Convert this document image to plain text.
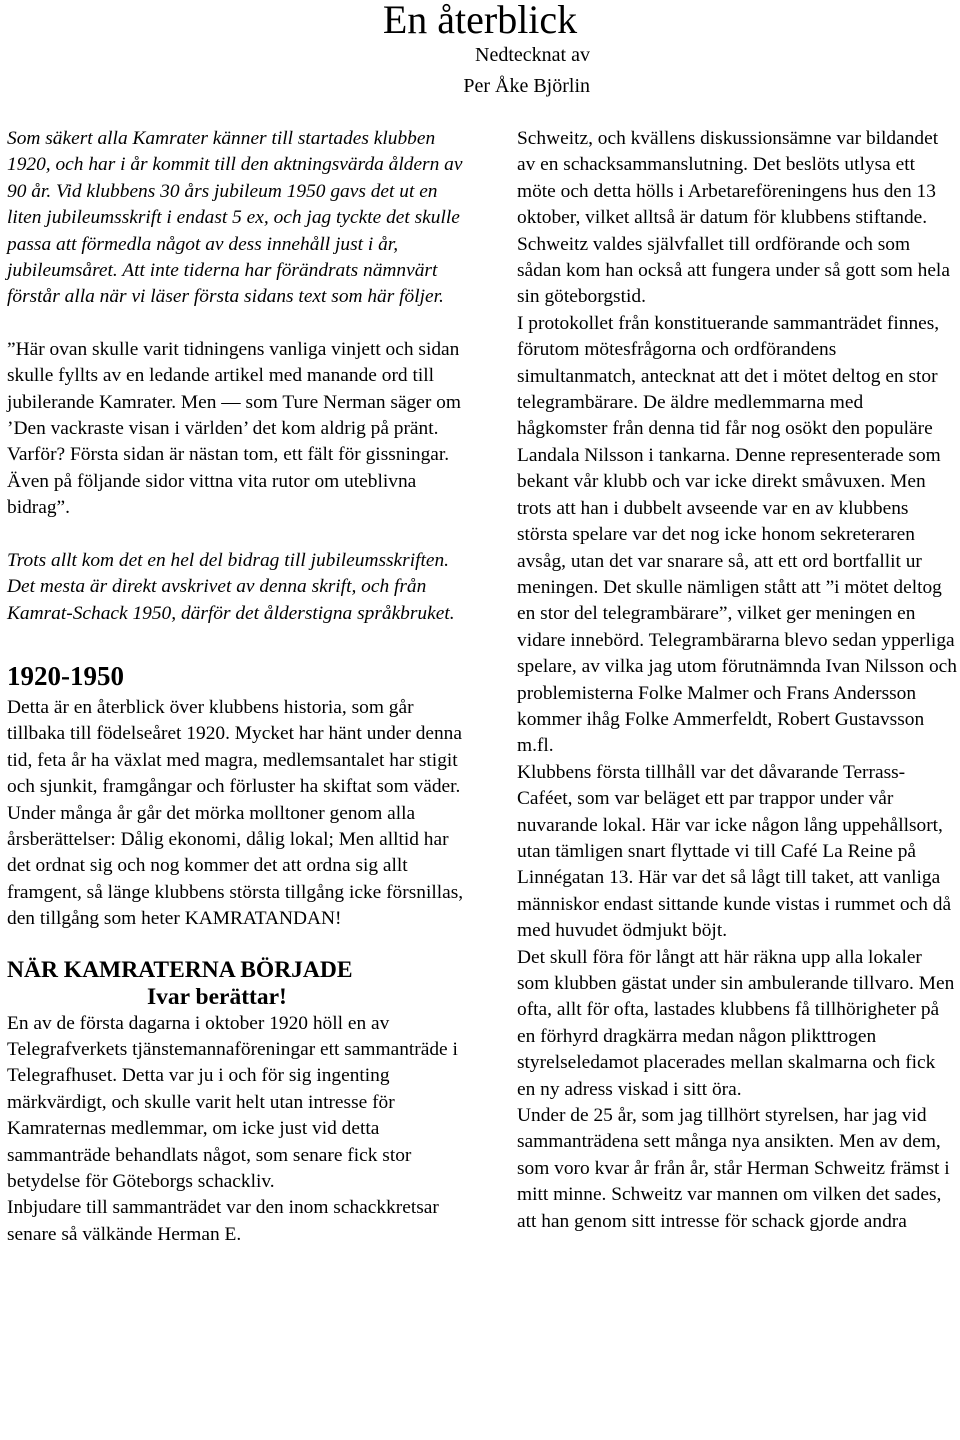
En återblick
Nedtecknat av
Per Åke Björlin

Som säkert alla Kamrater känner till startades klubben 1920, och har i år kommit till den aktningsvärda åldern av 90 år. Vid klubbens 30 års jubileum 1950 gavs det ut en liten jubileumsskrift i endast 5 ex, och jag tyckte det skulle passa att förmedla något av dess innehåll just i år, jubileumsåret. Att inte tiderna har förändrats nämnvärt förstår alla när vi läser första sidans text som här följer.

”Här ovan skulle varit tidningens vanliga vinjett och sidan skulle fyllts av en ledande artikel med manande ord till jubilerande Kamrater. Men — som Ture Nerman säger om ’Den vackraste visan i världen’ det kom aldrig på pränt. Varför? Första sidan är nästan tom, ett fält för gissningar. Även på följande sidor vittna vita rutor om uteblivna bidrag”.

Trots allt kom det en hel del bidrag till jubileumsskriften. Det mesta är direkt avskrivet av denna skrift, och från Kamrat-Schack 1950, därför det ålderstigna språkbruket.

1920-1950

Detta är en återblick över klubbens historia, som går tillbaka till födelseåret 1920. Mycket har hänt under denna tid, feta år ha växlat med magra, medlemsantalet har stigit och sjunkit, framgångar och förluster ha skiftat som väder.

Under många år går det mörka molltoner genom alla årsberättelser: Dålig ekonomi, dålig lokal; Men alltid har det ordnat sig och nog kommer det att ordna sig allt framgent, så länge klubbens största tillgång icke försnillas, den tillgång som heter KAMRATANDAN!

NÄR KAMRATERNA BÖRJADE
Ivar berättar!

En av de första dagarna i oktober 1920 höll en av Telegrafverkets tjänstemannaföreningar ett sammanträde i Telegrafhuset. Detta var ju i och för sig ingenting märkvärdigt, och skulle varit helt utan intresse för Kamraternas medlemmar, om icke just vid detta sammanträde behandlats något, som senare fick stor betydelse för Göteborgs schackliv.

Inbjudare till sammanträdet var den inom schackkretsar senare så välkände Herman E.

Schweitz, och kvällens diskussionsämne var bildandet av en schacksammanslutning. Det beslöts utlysa ett möte och detta hölls i Arbetareföreningens hus den 13 oktober, vilket alltså är datum för klubbens stiftande. Schweitz valdes självfallet till ordförande och som sådan kom han också att fungera under så gott som hela sin göteborgstid.

I protokollet från konstituerande sammanträdet finnes, förutom mötesfrågorna och ordförandens simultanmatch, antecknat att det i mötet deltog en stor telegrambärare. De äldre medlemmarna med hågkomster från denna tid får nog osökt den populäre Landala Nilsson i tankarna. Denne representerade som bekant vår klubb och var icke direkt småvuxen. Men trots att han i dubbelt avseende var en av klubbens största spelare var det nog icke honom sekreteraren avsåg, utan det var snarare så, att ett ord bortfallit ur meningen. Det skulle nämligen stått att ”i mötet deltog en stor del telegrambärare”, vilket ger meningen en vidare innebörd. Telegrambärarna blevo sedan ypperliga spelare, av vilka jag utom förutnämnda Ivan Nilsson och problemisterna Folke Malmer och Frans Andersson kommer ihåg Folke Ammerfeldt, Robert Gustavsson m.fl.

Klubbens första tillhåll var det dåvarande Terrass-Caféet, som var beläget ett par trappor under vår nuvarande lokal. Här var icke någon lång uppehållsort, utan tämligen snart flyttade vi till Café La Reine på Linnégatan 13. Här var det så lågt till taket, att vanliga människor endast sittande kunde vistas i rummet och då med huvudet ödmjukt böjt.

Det skull föra för långt att här räkna upp alla lokaler som klubben gästat under sin ambulerande tillvaro. Men ofta, allt för ofta, lastades klubbens få tillhörigheter på en förhyrd dragkärra medan någon plikttrogen styrelseledamot placerades mellan skalmarna och fick en ny adress viskad i sitt öra.

Under de 25 år, som jag tillhört styrelsen, har jag vid sammanträdena sett många nya ansikten. Men av dem, som voro kvar år från år, står Herman Schweitz främst i mitt minne. Schweitz var mannen om vilken det sades, att han genom sitt intresse för schack gjorde andra
